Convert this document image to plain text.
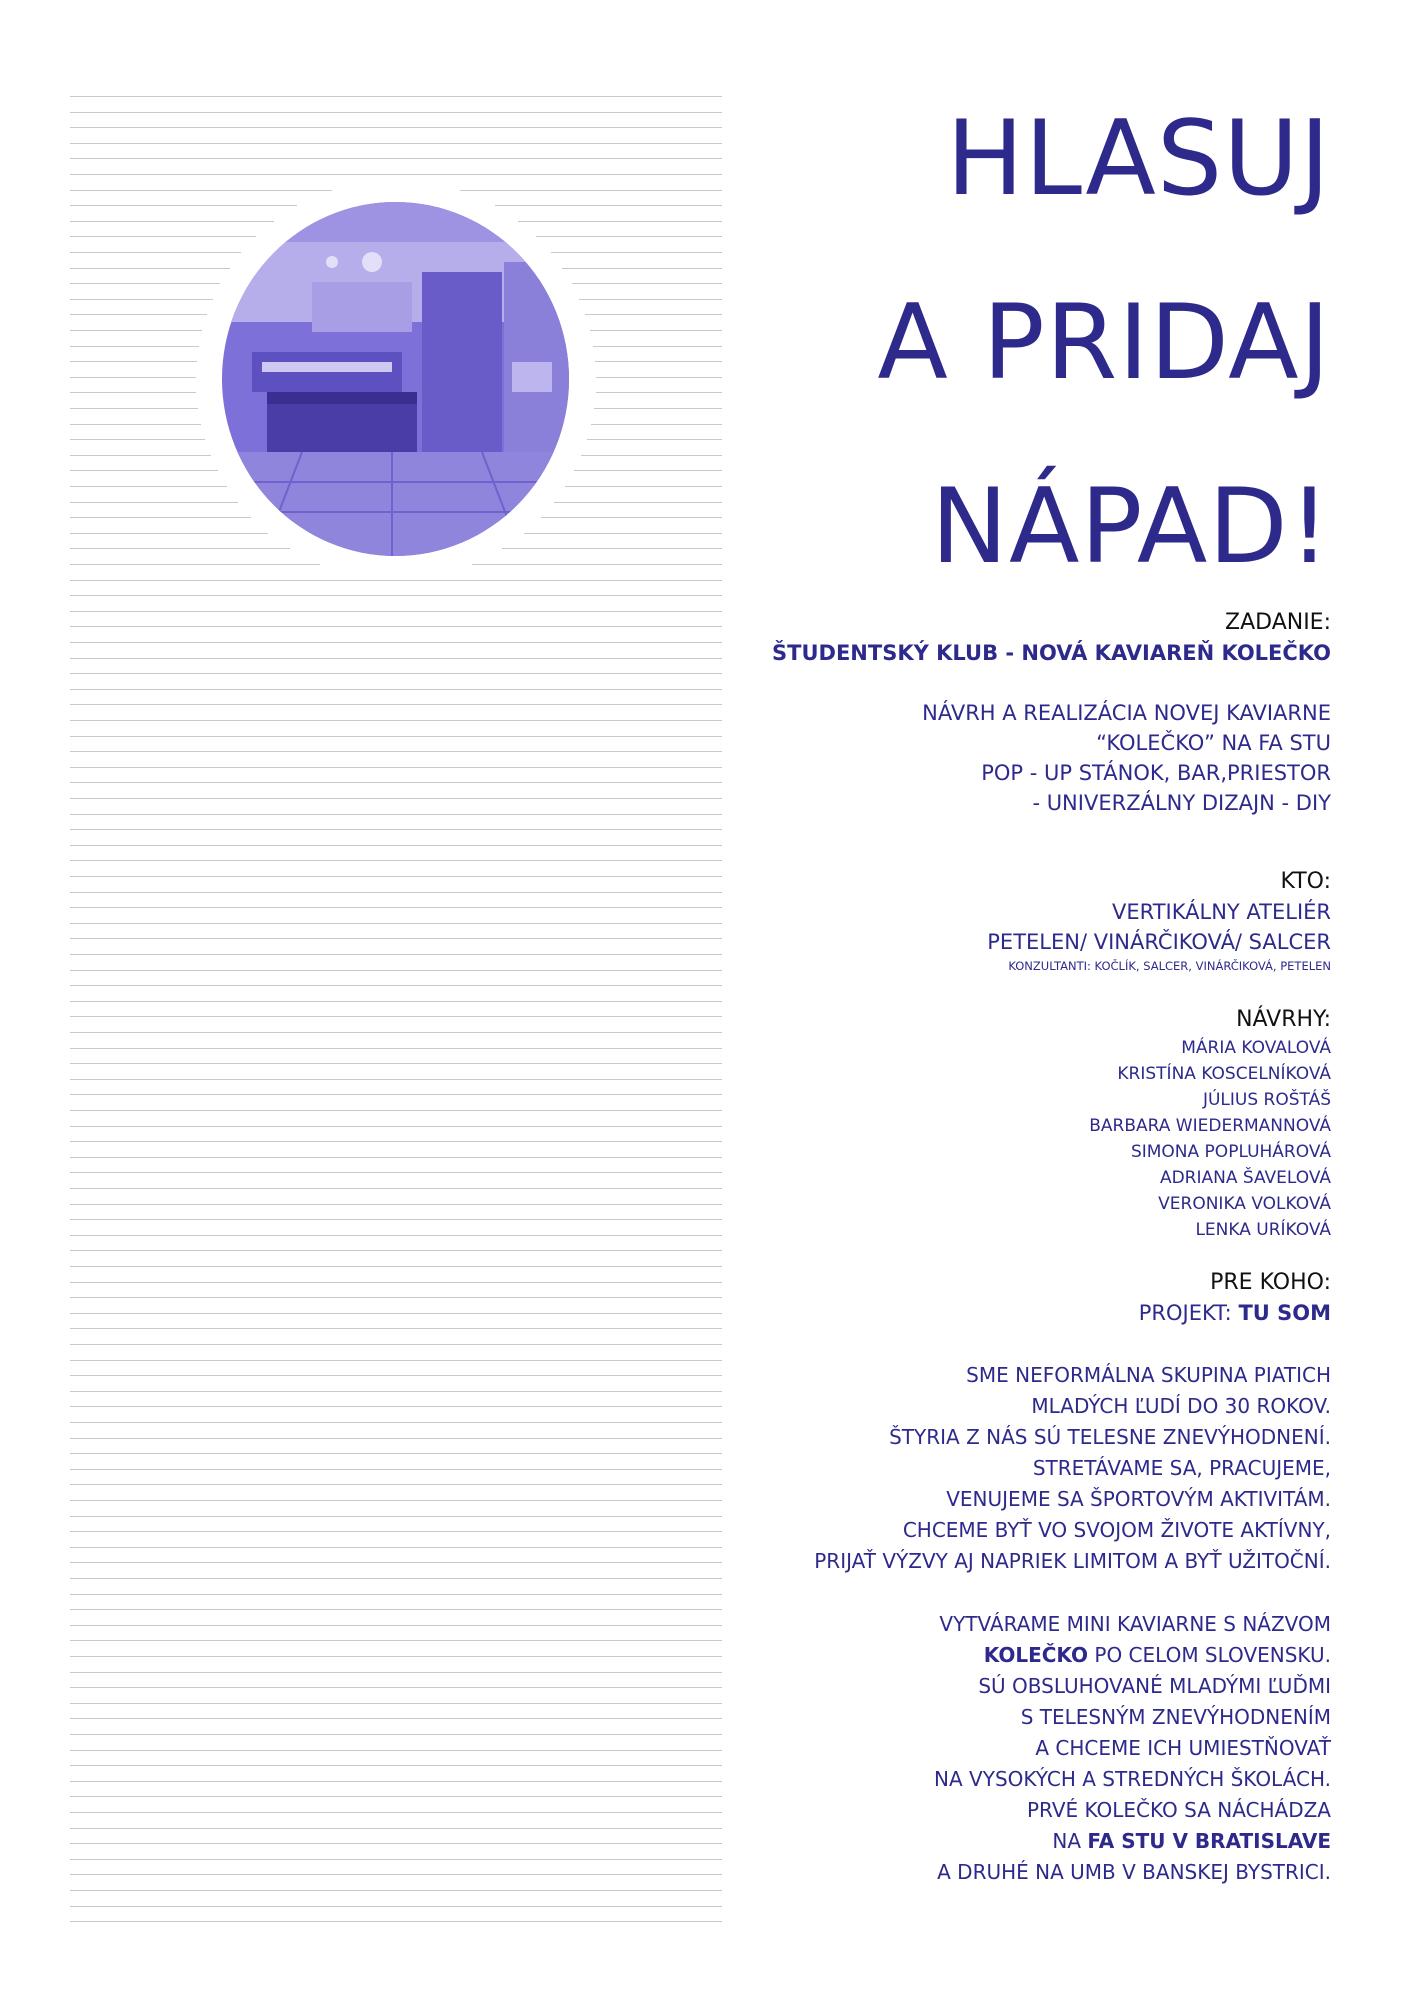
HLASUJ
A PRIDAJ
NÁPAD!
ZADANIE:
ŠTUDENTSKÝ KLUB - NOVÁ KAVIAREŇ KOLEČKO
NÁVRH A REALIZÁCIA NOVEJ KAVIARNE
“KOLEČKO” NA FA STU
POP - UP STÁNOK, BAR,PRIESTOR
- UNIVERZÁLNY DIZAJN - DIY
KTO:
VERTIKÁLNY ATELIÉR
PETELEN/ VINÁRČIKOVÁ/ SALCER
KONZULTANTI: KOČLÍK, SALCER, VINÁRČIKOVÁ, PETELEN
NÁVRHY:
MÁRIA KOVALOVÁ
KRISTÍNA KOSCELNÍKOVÁ
JÚLIUS ROŠTÁŠ
BARBARA WIEDERMANNOVÁ
SIMONA POPLUHÁROVÁ
ADRIANA ŠAVELOVÁ
VERONIKA VOLKOVÁ
LENKA URÍKOVÁ
PRE KOHO:
PROJEKT: TU SOM
SME NEFORMÁLNA SKUPINA PIATICH
MLADÝCH ĽUDÍ DO 30 ROKOV.
ŠTYRIA Z NÁS SÚ TELESNE ZNEVÝHODNENÍ.
STRETÁVAME SA, PRACUJEME,
VENUJEME SA ŠPORTOVÝM AKTIVITÁM.
CHCEME BYŤ VO SVOJOM ŽIVOTE AKTÍVNY,
PRIJAŤ VÝZVY AJ NAPRIEK LIMITOM A BYŤ UŽITOČNÍ.
VYTVÁRAME MINI KAVIARNE S NÁZVOM
KOLEČKO PO CELOM SLOVENSKU.
SÚ OBSLUHOVANÉ MLADÝMI ĽUĎMI
S TELESNÝM ZNEVÝHODNENÍM
A CHCEME ICH UMIESTŇOVAŤ
NA VYSOKÝCH A STREDNÝCH ŠKOLÁCH.
PRVÉ KOLEČKO SA NÁCHÁDZA
NA FA STU V BRATISLAVE
A DRUHÉ NA UMB V BANSKEJ BYSTRICI.
